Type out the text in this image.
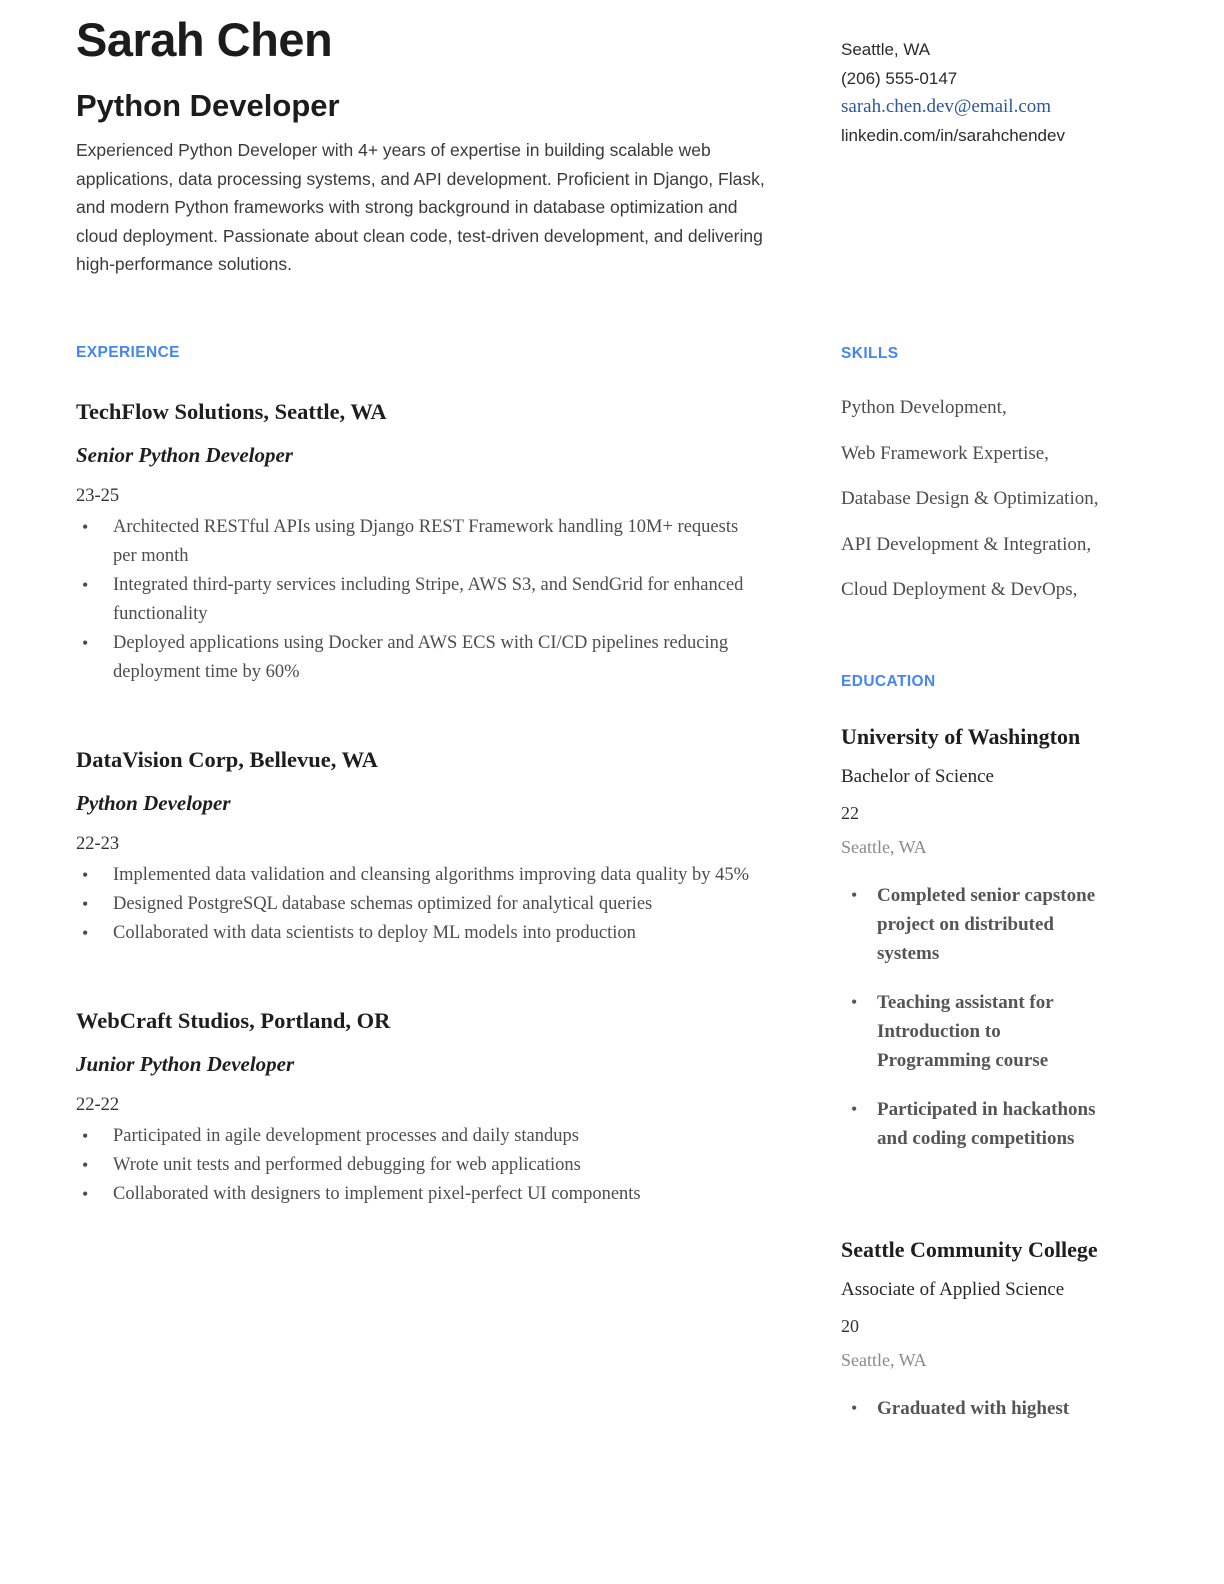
Sarah Chen
Python Developer

Experienced Python Developer with 4+ years of expertise in building scalable web applications, data processing systems, and API development. Proficient in Django, Flask, and modern Python frameworks with strong background in database optimization and cloud deployment. Passionate about clean code, test-driven development, and delivering high-performance solutions.

EXPERIENCE
TechFlow Solutions, Seattle, WA
Senior Python Developer
23-25
• Architected RESTful APIs using Django REST Framework handling 10M+ requests per month
• Integrated third-party services including Stripe, AWS S3, and SendGrid for enhanced functionality
• Deployed applications using Docker and AWS ECS with CI/CD pipelines reducing deployment time by 60%
DataVision Corp, Bellevue, WA
Python Developer
22-23
• Implemented data validation and cleansing algorithms improving data quality by 45%
• Designed PostgreSQL database schemas optimized for analytical queries
• Collaborated with data scientists to deploy ML models into production
WebCraft Studios, Portland, OR
Junior Python Developer
22-22
• Participated in agile development processes and daily standups
• Wrote unit tests and performed debugging for web applications
• Collaborated with designers to implement pixel-perfect UI components
Seattle, WA
(206) 555-0147
sarah.chen.dev@email.com
linkedin.com/in/sarahchendev
SKILLS
Python Development,
Web Framework Expertise,
Database Design & Optimization,
API Development & Integration,
Cloud Deployment & DevOps,
EDUCATION
University of Washington
Bachelor of Science
22
Seattle, WA
• Completed senior capstone project on distributed systems
• Teaching assistant for Introduction to Programming course
• Participated in hackathons and coding competitions
Seattle Community College
Associate of Applied Science
20
Seattle, WA
• Graduated with highest
